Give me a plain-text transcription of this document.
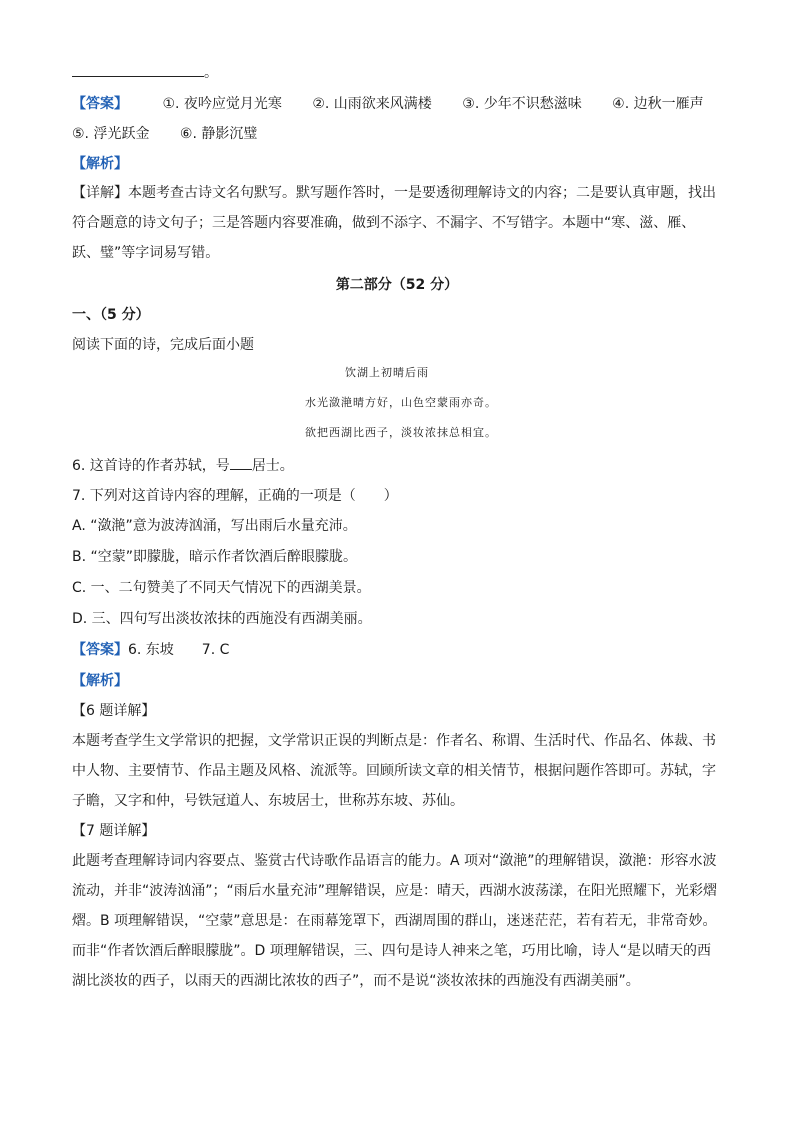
。
【答案】 ①. 夜吟应觉月光寒 ②. 山雨欲来风满楼 ③. 少年不识愁滋味 ④. 边秋一雁声
⑤. 浮光跃金 ⑥. 静影沉璧
【解析】
【详解】本题考查古诗文名句默写。默写题作答时，一是要透彻理解诗文的内容；二是要认真审题，找出符合题意的诗文句子；三是答题内容要准确，做到不添字、不漏字、不写错字。本题中“寒、滋、雁、跃、璧”等字词易写错。
第二部分（52 分）
一、（5 分）
阅读下面的诗，完成后面小题
饮湖上初晴后雨
水光潋滟晴方好，山色空蒙雨亦奇。
欲把西湖比西子，淡妆浓抹总相宜。
6. 这首诗的作者苏轼，号 居士。
7. 下列对这首诗内容的理解，正确的一项是（　　）
A. “潋滟”意为波涛汹涌，写出雨后水量充沛。
B. “空蒙”即朦胧，暗示作者饮酒后醉眼朦胧。
C. 一、二句赞美了不同天气情况下的西湖美景。
D. 三、四句写出淡妆浓抹的西施没有西湖美丽。
【答案】6. 东坡　　7. C
【解析】
【6 题详解】
本题考查学生文学常识的把握，文学常识正误的判断点是：作者名、称谓、生活时代、作品名、体裁、书中人物、主要情节、作品主题及风格、流派等。回顾所读文章的相关情节，根据问题作答即可。苏轼，字子瞻，又字和仲，号铁冠道人、东坡居士，世称苏东坡、苏仙。
【7 题详解】
此题考查理解诗词内容要点、鉴赏古代诗歌作品语言的能力。A 项对“潋滟”的理解错误，潋滟：形容水波流动，并非“波涛汹涌”；“雨后水量充沛”理解错误，应是：晴天，西湖水波荡漾，在阳光照耀下，光彩熠熠。B 项理解错误，“空蒙”意思是：在雨幕笼罩下，西湖周围的群山，迷迷茫茫，若有若无，非常奇妙。而非“作者饮酒后醉眼朦胧”。D 项理解错误，三、四句是诗人神来之笔，巧用比喻，诗人“是以晴天的西湖比淡妆的西子，以雨天的西湖比浓妆的西子”，而不是说“淡妆浓抹的西施没有西湖美丽”。
